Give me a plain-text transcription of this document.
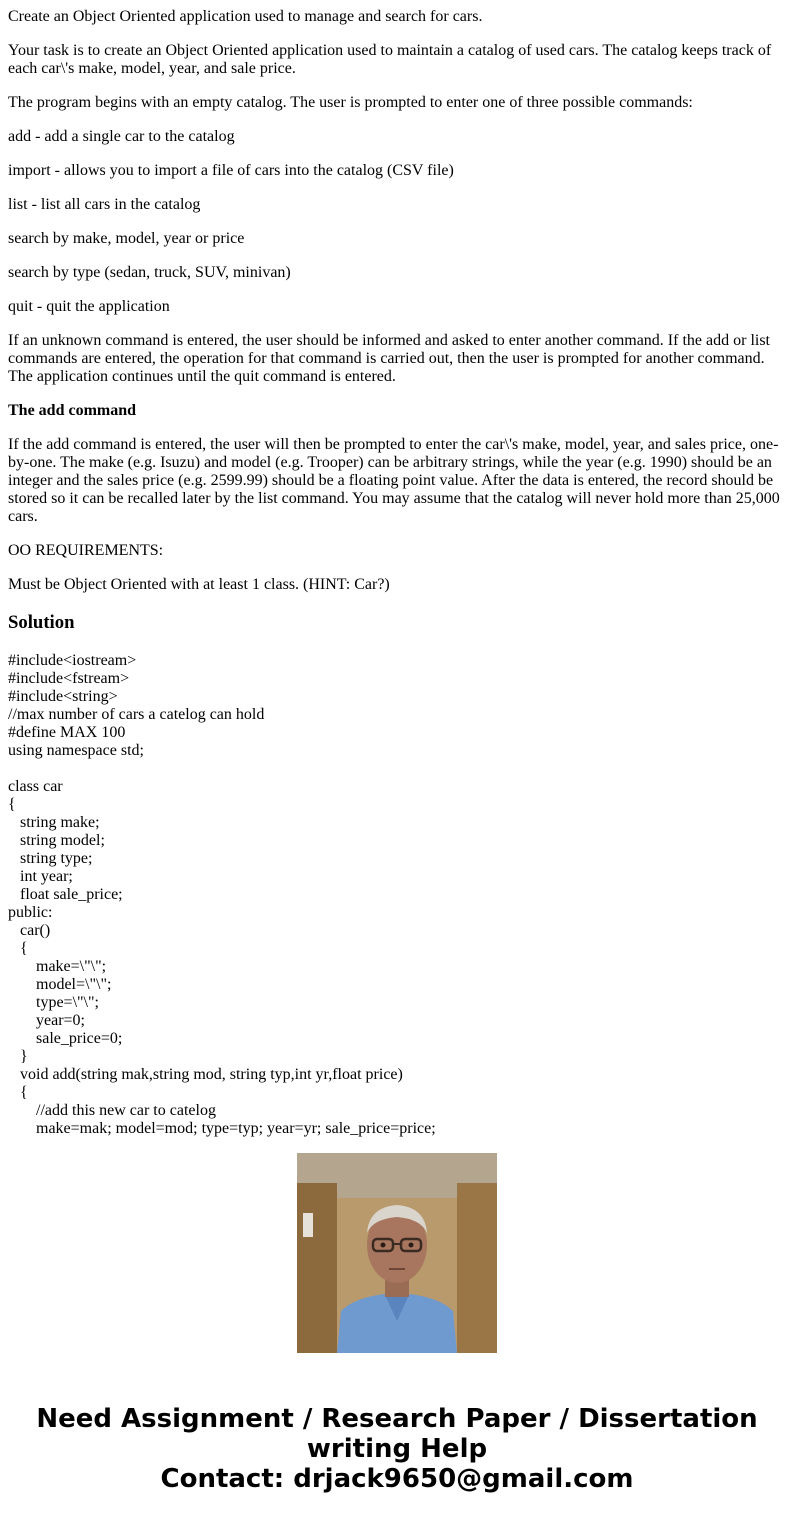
Create an Object Oriented application used to manage and search for cars.

Your task is to create an Object Oriented application used to maintain a catalog of used cars. The catalog keeps track of each car\'s make, model, year, and sale price.

The program begins with an empty catalog. The user is prompted to enter one of three possible commands:

add - add a single car to the catalog

import - allows you to import a file of cars into the catalog (CSV file)

list - list all cars in the catalog

search by make, model, year or price

search by type (sedan, truck, SUV, minivan)

quit - quit the application

If an unknown command is entered, the user should be informed and asked to enter another command. If the add or list commands are entered, the operation for that command is carried out, then the user is prompted for another command. The application continues until the quit command is entered.

The add command

If the add command is entered, the user will then be prompted to enter the car\'s make, model, year, and sales price, one-by-one. The make (e.g. Isuzu) and model (e.g. Trooper) can be arbitrary strings, while the year (e.g. 1990) should be an integer and the sales price (e.g. 2599.99) should be a floating point value. After the data is entered, the record should be stored so it can be recalled later by the list command. You may assume that the catalog will never hold more than 25,000 cars.

OO REQUIREMENTS:

Must be Object Oriented with at least 1 class. (HINT: Car?)

Solution
#include<iostream>
#include<fstream>
#include<string>
//max number of cars a catelog can hold
#define MAX 100
using namespace std;

class car
{
string make;
string model;
string type;
int year;
float sale_price;
public:
car()
{
make=\"\";
model=\"\";
type=\"\";
year=0;
sale_price=0;
}
void add(string mak,string mod, string typ,int yr,float price)
{
//add this new car to catelog
make=mak; model=mod; type=typ; year=yr; sale_price=price;
Need Assignment / Research Paper / Dissertation
writing Help
Contact: drjack9650@gmail.com
